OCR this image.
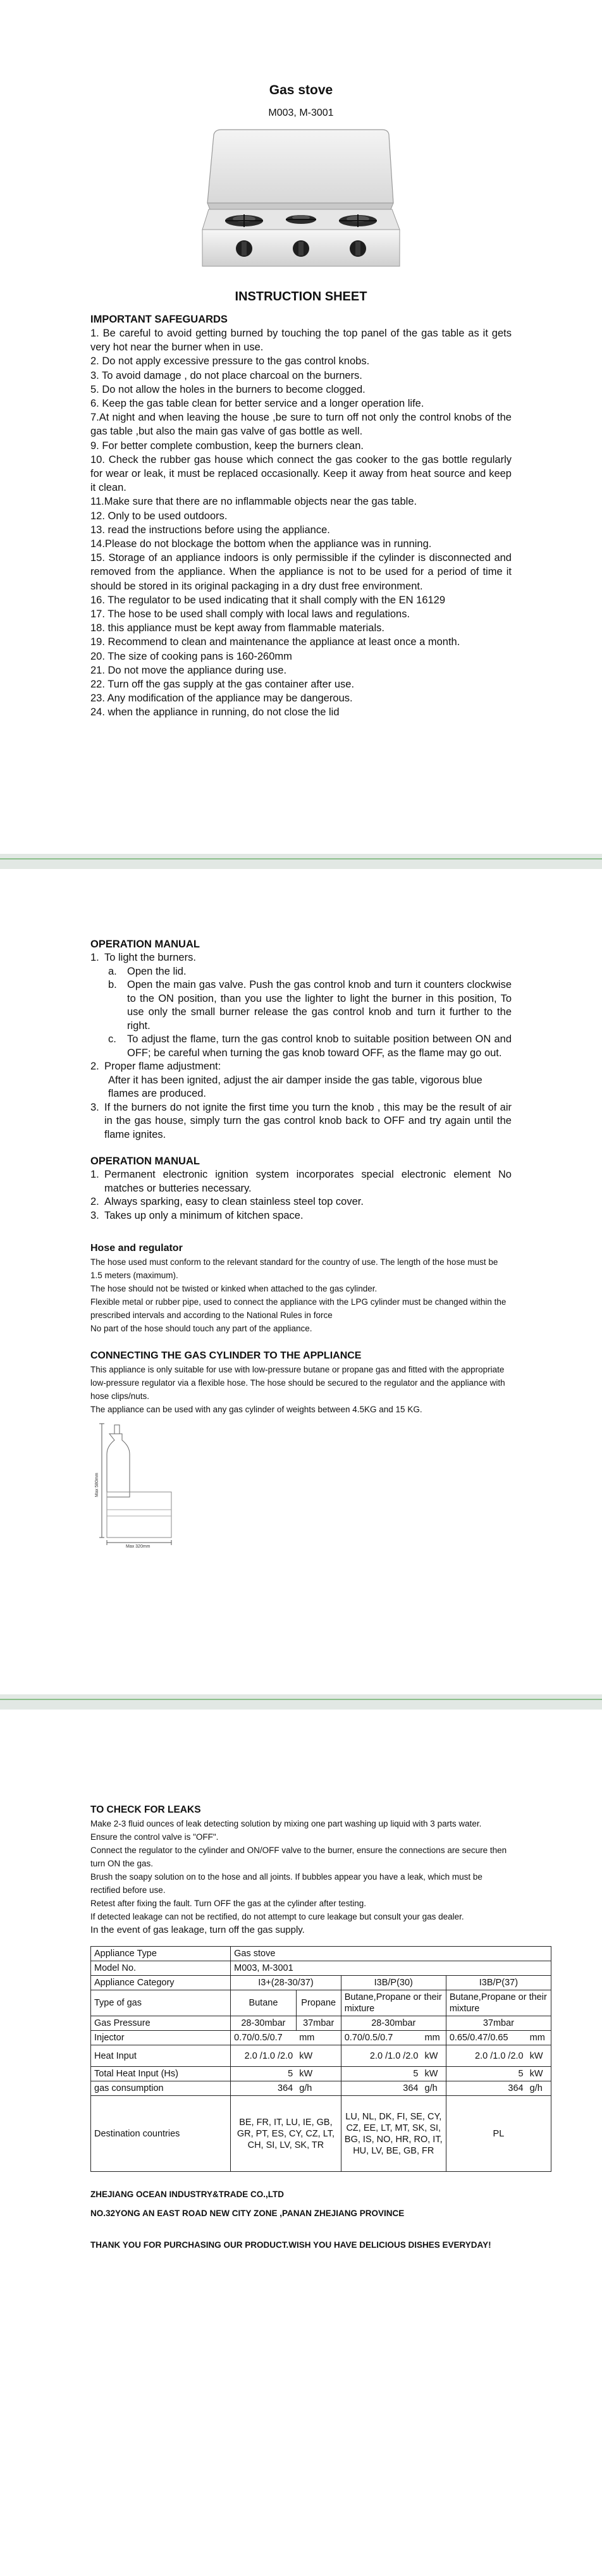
Gas stove
M003, M-3001
INSTRUCTION SHEET
IMPORTANT SAFEGUARDS
1. Be careful to avoid getting burned by touching the top panel of the gas table as it gets very hot near the burner when in use.
2. Do not apply excessive pressure to the gas control knobs.
3. To avoid damage , do not place charcoal on the burners.
5. Do not allow the holes in the burners to become clogged.
6. Keep the gas table clean for better service and a longer operation life.
7.At night and when leaving the house ,be sure to turn off not only the control knobs of the gas table ,but also the main gas valve of gas bottle as well.
9. For better complete combustion, keep the burners clean.
10. Check the rubber gas house which connect the gas cooker to the gas bottle regularly for wear or leak, it must be replaced occasionally. Keep it away from heat source and keep it clean.
11.Make sure that there are no inflammable objects near the gas table.
12. Only to be used outdoors.
13. read the instructions before using the appliance.
14.Please do not blockage the bottom when the appliance was in running.
15. Storage of an appliance indoors is only permissible if the cylinder is disconnected and removed from the appliance. When the appliance is not to be used for a period of time it should be stored in its original packaging in a dry dust free environment.
16. The regulator to be used indicating that it shall comply with the EN 16129
17. The hose to be used shall comply with local laws and regulations.
18. this appliance must be kept away from flammable materials.
19. Recommend to clean and maintenance the appliance at least once a month.
20. The size of cooking pans is 160-260mm
21. Do not move the appliance during use.
22. Turn off the gas supply at the gas container after use.
23. Any modification of the appliance may be dangerous.
24. when the appliance in running, do not close the lid
OPERATION MANUAL
1. To light the burners.
a. Open the lid.
b. Open the main gas valve. Push the gas control knob and turn it counters clockwise to the ON position, than you use the lighter to light the burner in this position, To use only the small burner release the gas control knob and turn it further to the right.
c. To adjust the flame, turn the gas control knob to suitable position between ON and OFF; be careful when turning the gas knob toward OFF, as the flame may go out.
2. Proper flame adjustment:
After it has been ignited, adjust the air damper inside the gas table, vigorous blue flames are produced.
3. If the burners do not ignite the first time you turn the knob , this may be the result of air in the gas house, simply turn the gas control knob back to OFF and try again until the flame ignites.
OPERATION MANUAL
1. Permanent electronic ignition system incorporates special electronic element No matches or butteries necessary.
2. Always sparking, easy to clean stainless steel top cover.
3. Takes up only a minimum of kitchen space.
Hose and regulator
The hose used must conform to the relevant standard for the country of use. The length of the hose must be 1.5 meters (maximum).
The hose should not be twisted or kinked when attached to the gas cylinder.
Flexible metal or rubber pipe, used to connect the appliance with the LPG cylinder must be changed within the prescribed intervals and according to the National Rules in force
No part of the hose should touch any part of the appliance.
CONNECTING THE GAS CYLINDER TO THE APPLIANCE
This appliance is only suitable for use with low-pressure butane or propane gas and fitted with the appropriate low-pressure regulator via a flexible hose. The hose should be secured to the regulator and the appliance with hose clips/nuts.
The appliance can be used with any gas cylinder of weights between 4.5KG and 15 KG.
Max 580mm
Max 320mm
TO CHECK FOR LEAKS
Make 2-3 fluid ounces of leak detecting solution by mixing one part washing up liquid with 3 parts water.
Ensure the control valve is "OFF".
Connect the regulator to the cylinder and ON/OFF valve to the burner, ensure the connections are secure then turn ON the gas.
Brush the soapy solution on to the hose and all joints. If bubbles appear you have a leak, which must be rectified before use.
Retest after fixing the fault. Turn OFF the gas at the cylinder after testing.
If detected leakage can not be rectified, do not attempt to cure leakage but consult your gas dealer.
In the event of gas leakage, turn off the gas supply.
Appliance Type	Gas stove					
Model No.	M003, M-3001					
Appliance Category	I3+(28-30/37)		I3B/P(30)		I3B/P(37)	
Type of gas	Butane	Propane	Butane,Propane or their mixture		Butane,Propane or their mixture	
Gas Pressure	28-30mbar	37mbar	28-30mbar		37mbar	
Injector	0.70/0.5/0.7	mm	0.70/0.5/0.7	mm	0.65/0.47/0.65	mm
Heat Input	2.0 /1.0 /2.0	kW	2.0 /1.0 /2.0	kW	2.0 /1.0 /2.0	kW
Total Heat Input (Hs)	5	kW	5	kW	5	kW
gas consumption	364	g/h	364	g/h	364	g/h
Destination countries	BE, FR, IT, LU, IE, GB, GR, PT, ES, CY, CZ, LT, CH, SI, LV, SK, TR		LU, NL, DK, FI, SE, CY, CZ, EE, LT, MT, SK, SI, BG, IS, NO, HR, RO, IT, HU, LV, BE, GB, FR		PL	
ZHEJIANG OCEAN INDUSTRY&TRADE CO.,LTD
NO.32YONG AN EAST ROAD NEW CITY ZONE ,PANAN ZHEJIANG PROVINCE
THANK YOU FOR PURCHASING OUR PRODUCT.WISH YOU HAVE DELICIOUS DISHES EVERYDAY!
